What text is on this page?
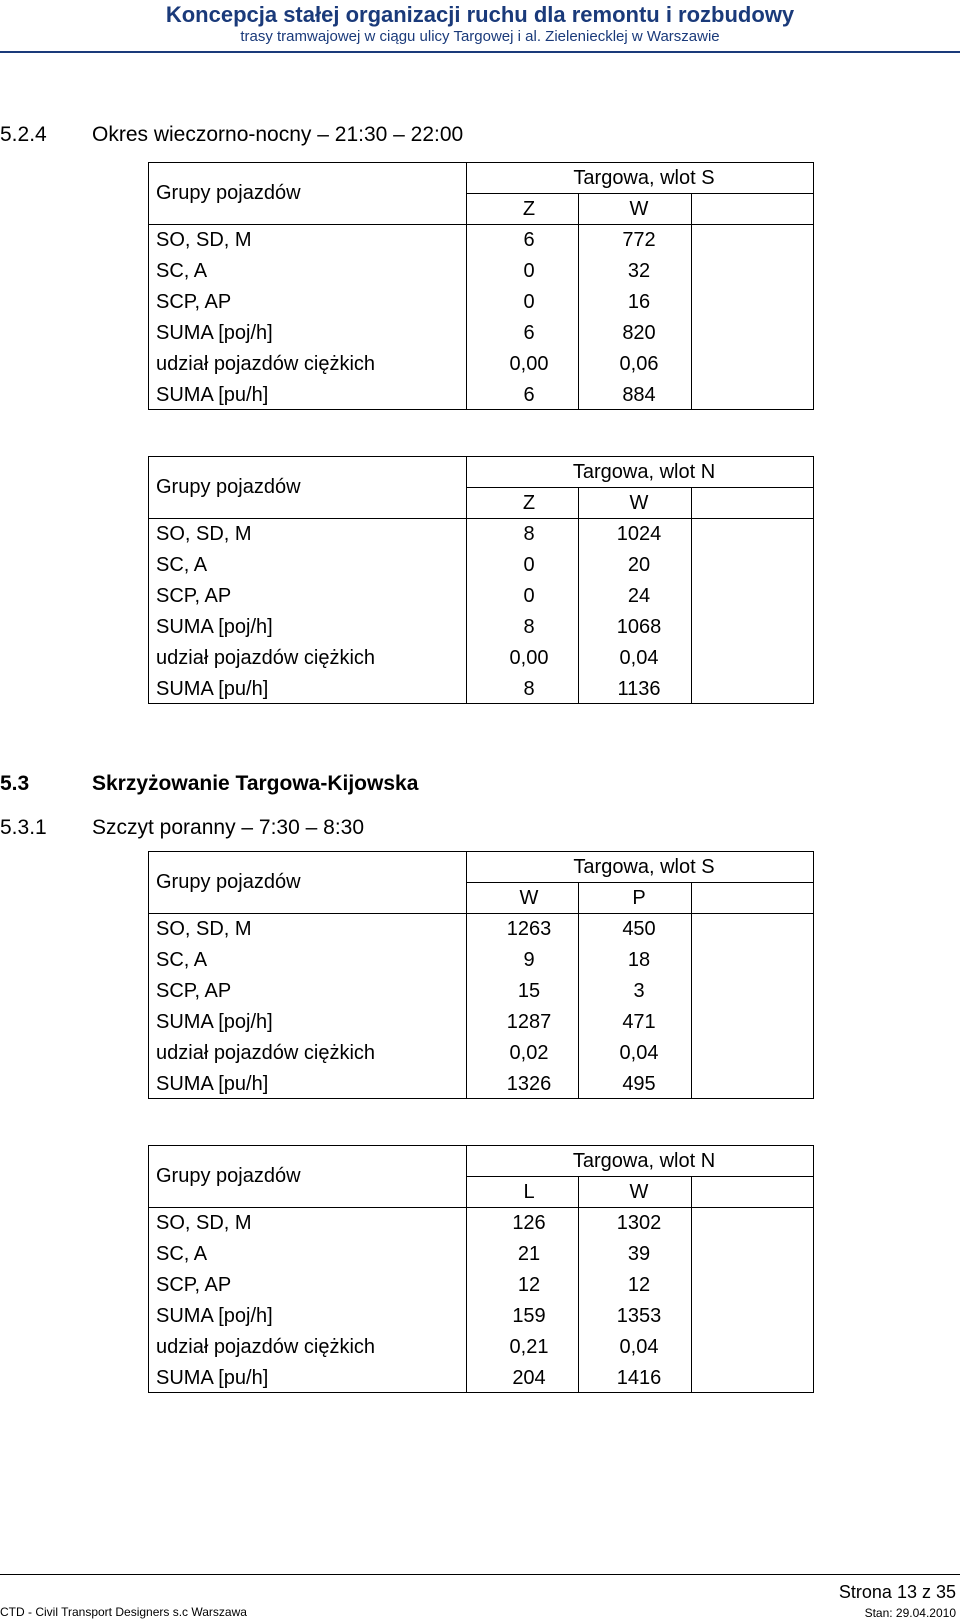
Koncepcja stałej organizacji ruchu dla remontu i rozbudowy
trasy tramwajowej w ciągu ulicy Targowej i al. Zieleniecklej w Warszawie
5.2.4 Okres wieczorno-nocny – 21:30 – 22:00
5.3	Skrzyżowanie Targowa-Kijowska
5.3.1 Szczyt poranny – 7:30 – 8:30
Grupy pojazdów
Targowa, wlot S
Z	W
SO, SD, M	6	772
SC, A	0	32
SCP, AP	0	16
SUMA [poj/h]	6	820
udział pojazdów ciężkich	0,00	0,06
SUMA [pu/h]	6	884
Grupy pojazdów
Targowa, wlot N
Z	W
SO, SD, M	8	1024
SC, A	0	20
SCP, AP	0	24
SUMA [poj/h]	8	1068
udział pojazdów ciężkich	0,00	0,04
SUMA [pu/h]	8	1136
Grupy pojazdów
Targowa, wlot S
W	P
SO, SD, M	1263	450
SC, A	9	18
SCP, AP	15	3
SUMA [poj/h]	1287	471
udział pojazdów ciężkich	0,02	0,04
SUMA [pu/h]	1326	495
Grupy pojazdów
Targowa, wlot N
L	W
SO, SD, M	126	1302
SC, A	21	39
SCP, AP	12	12
SUMA [poj/h]	159	1353
udział pojazdów ciężkich	0,21	0,04
SUMA [pu/h]	204	1416
Strona 13 z 35
CTD - Civil Transport Designers s.c Warszawa	Stan: 29.04.2010
